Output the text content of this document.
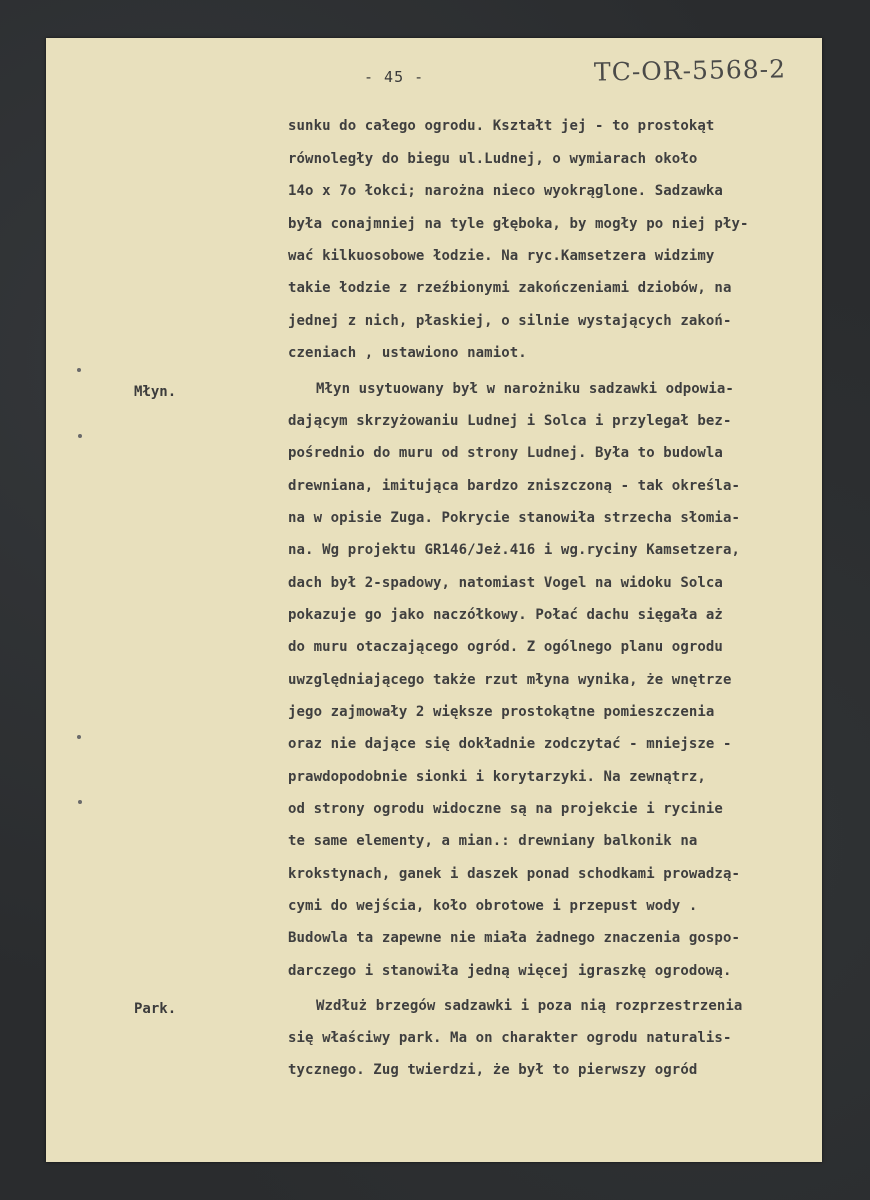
- 45 -	TC-OR-5568-2
Młyn.
Park.
sunku do całego ogrodu. Kształt jej - to prostokąt
równoległy do biegu ul.Ludnej, o wymiarach około
14o x 7o łokci; narożna nieco wyokrąglone. Sadzawka
była conajmniej na tyle głęboka, by mogły po niej pły-
wać kilkuosobowe łodzie. Na ryc.Kamsetzera widzimy
takie łodzie z rzeźbionymi zakończeniami dziobów, na
jednej z nich, płaskiej, o silnie wystających zakoń-
czeniach , ustawiono namiot.
Młyn usytuowany był w narożniku sadzawki odpowia-
dającym skrzyżowaniu Ludnej i Solca i przylegał bez-
pośrednio do muru od strony Ludnej. Była to budowla
drewniana, imitująca bardzo zniszczoną - tak określa-
na w opisie Zuga. Pokrycie stanowiła strzecha słomia-
na. Wg projektu GR146/Jeż.416 i wg.ryciny Kamsetzera,
dach był 2-spadowy, natomiast Vogel na widoku Solca
pokazuje go jako naczółkowy. Połać dachu sięgała aż
do muru otaczającego ogród. Z ogólnego planu ogrodu
uwzględniającego także rzut młyna wynika, że wnętrze
jego zajmowały 2 większe prostokątne pomieszczenia
oraz nie dające się dokładnie zodczytać - mniejsze -
prawdopodobnie sionki i korytarzyki. Na zewnątrz,
od strony ogrodu widoczne są na projekcie i rycinie
te same elementy, a mian.: drewniany balkonik na
krokstynach, ganek i daszek ponad schodkami prowadzą-
cymi do wejścia, koło obrotowe i przepust wody .
Budowla ta zapewne nie miała żadnego znaczenia gospo-
darczego i stanowiła jedną więcej igraszkę ogrodową.
Wzdłuż brzegów sadzawki i poza nią rozprzestrzenia
się właściwy park. Ma on charakter ogrodu naturalis-
tycznego. Zug twierdzi, że był to pierwszy ogród
